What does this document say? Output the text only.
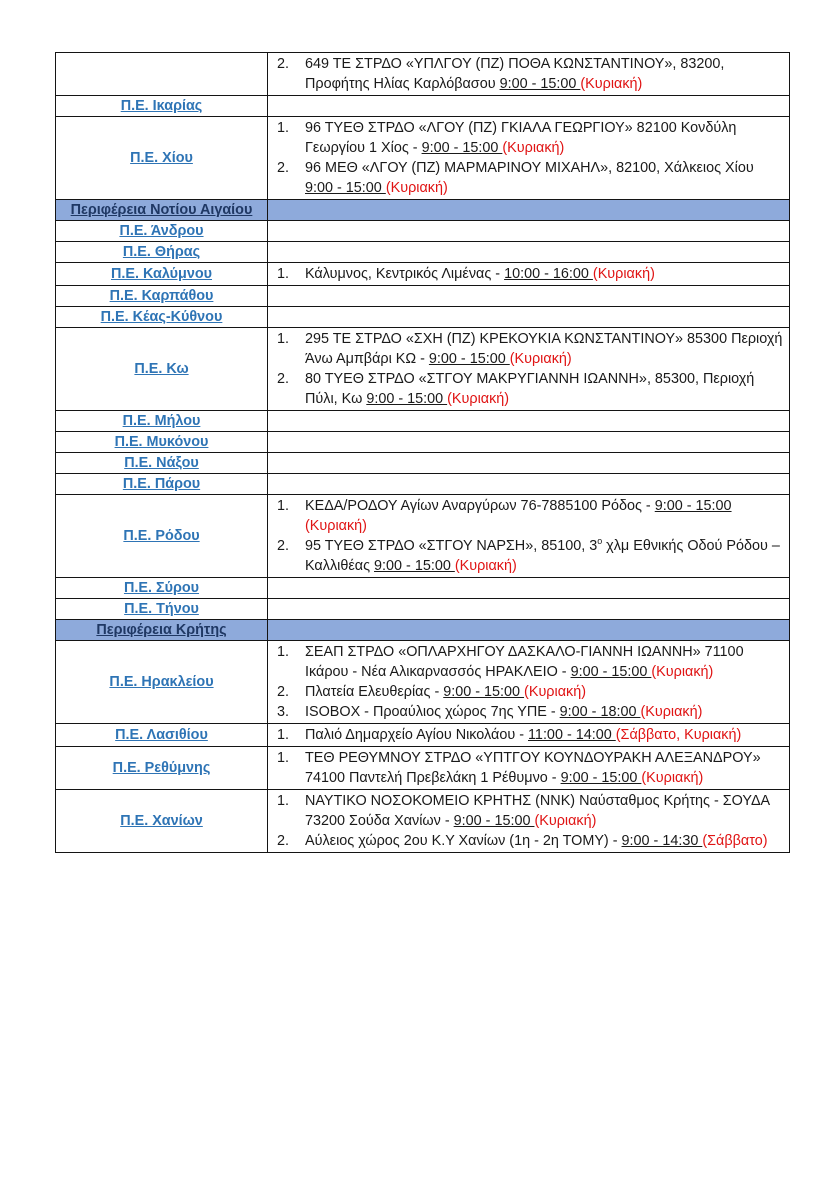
	2. 649 ΤΕ ΣΤΡΔΟ «ΥΠΛΓΟΥ (ΠΖ) ΠΟΘΑ ΚΩΝΣΤΑΝΤΙΝΟΥ», 83200, Προφήτης Ηλίας Καρλόβασου 9:00 - 15:00 (Κυριακή)

Π.Ε. Ικαρίας	
Π.Ε. Χίου	1. 96 ΤΥΕΘ ΣΤΡΔΟ «ΛΓΟΥ (ΠΖ) ΓΚΙΑΛΑ ΓΕΩΡΓΙΟΥ» 82100 Κονδύλη Γεωργίου 1 Χίος - 9:00 - 15:00 (Κυριακή)
2. 96 ΜΕΘ «ΛΓΟΥ (ΠΖ) ΜΑΡΜΑΡΙΝΟΥ ΜΙΧΑΗΛ», 82100, Χάλκειος Χίου 9:00 - 15:00 (Κυριακή)

Περιφέρεια Νοτίου Αιγαίου	
Π.Ε. Άνδρου	
Π.Ε. Θήρας	
Π.Ε. Καλύμνου	1. Κάλυμνος, Κεντρικός Λιμένας - 10:00 - 16:00 (Κυριακή)

Π.Ε. Καρπάθου	
Π.Ε. Κέας-Κύθνου	
Π.Ε. Κω	1. 295 ΤΕ ΣΤΡΔΟ «ΣΧΗ (ΠΖ) ΚΡΕΚΟΥΚΙΑ ΚΩΝΣΤΑΝΤΙΝΟΥ» 85300 Περιοχή Άνω Αμπβάρι ΚΩ - 9:00 - 15:00 (Κυριακή)
2. 80 ΤΥΕΘ ΣΤΡΔΟ «ΣΤΓΟΥ ΜΑΚΡΥΓΙΑΝΝΗ ΙΩΑΝΝΗ», 85300, Περιοχή Πύλι, Κω 9:00 - 15:00 (Κυριακή)

Π.Ε. Μήλου	
Π.Ε. Μυκόνου	
Π.Ε. Νάξου	
Π.Ε. Πάρου	
Π.Ε. Ρόδου	1. ΚΕΔΑ/ΡΟΔΟΥ Αγίων Αναργύρων 76-7885100 Ρόδος - 9:00 - 15:00 (Κυριακή)
2. 95 ΤΥΕΘ ΣΤΡΔΟ «ΣΤΓΟΥ ΝΑΡΣΗ», 85100, $3^o$ χλμ Εθνικής Οδού Ρόδου – Καλλιθέας 9:00 - 15:00 (Κυριακή)

Π.Ε. Σύρου	
Π.Ε. Τήνου	
Περιφέρεια Κρήτης	
Π.Ε. Ηρακλείου	
1.	ΣΕΑΠ ΣΤΡΔΟ «ΟΠΛΑΡΧΗΓΟΥ ΔΑΣΚΑΛΟ-ΓΙΑΝΝΗ ΙΩΑΝΝΗ» 71100 Ικάρου - Νέα Αλικαρνασσός ΗΡΑΚΛΕΙΟ - 9:00 - 15:00 (Κυριακή)
2.	Πλατεία Ελευθερίας - 9:00 - 15:00 (Κυριακή)
3.	ISOBOX - Προαύλιος χώρος 7ης ΥΠΕ - 9:00 - 18:00 (Κυριακή)

Π.Ε. Λασιθίου	1. Παλιό Δημαρχείο Αγίου Νικολάου - 11:00 - 14:00 (Σάββατο, Κυριακή)

Π.Ε. Ρεθύμνης	1. ΤΕΘ ΡΕΘΥΜΝΟΥ ΣΤΡΔΟ «ΥΠΤΓΟΥ ΚΟΥΝΔΟΥΡΑΚΗ ΑΛΕΞΑΝΔΡΟΥ» 74100 Παντελή Πρεβελάκη 1 Ρέθυμνο - 9:00 - 15:00 (Κυριακή)

Π.Ε. Χανίων	1. ΝΑΥΤΙΚΟ ΝΟΣΟΚΟΜΕΙΟ ΚΡΗΤΗΣ (ΝΝΚ) Ναύσταθμος Κρήτης - ΣΟΥΔΑ 73200 Σούδα Χανίων - 9:00 - 15:00 (Κυριακή)
2. Αύλειος χώρος 2ου Κ.Υ Χανίων (1η - 2η ΤΟΜΥ) - 9:00 - 14:30 (Σάββατο)
